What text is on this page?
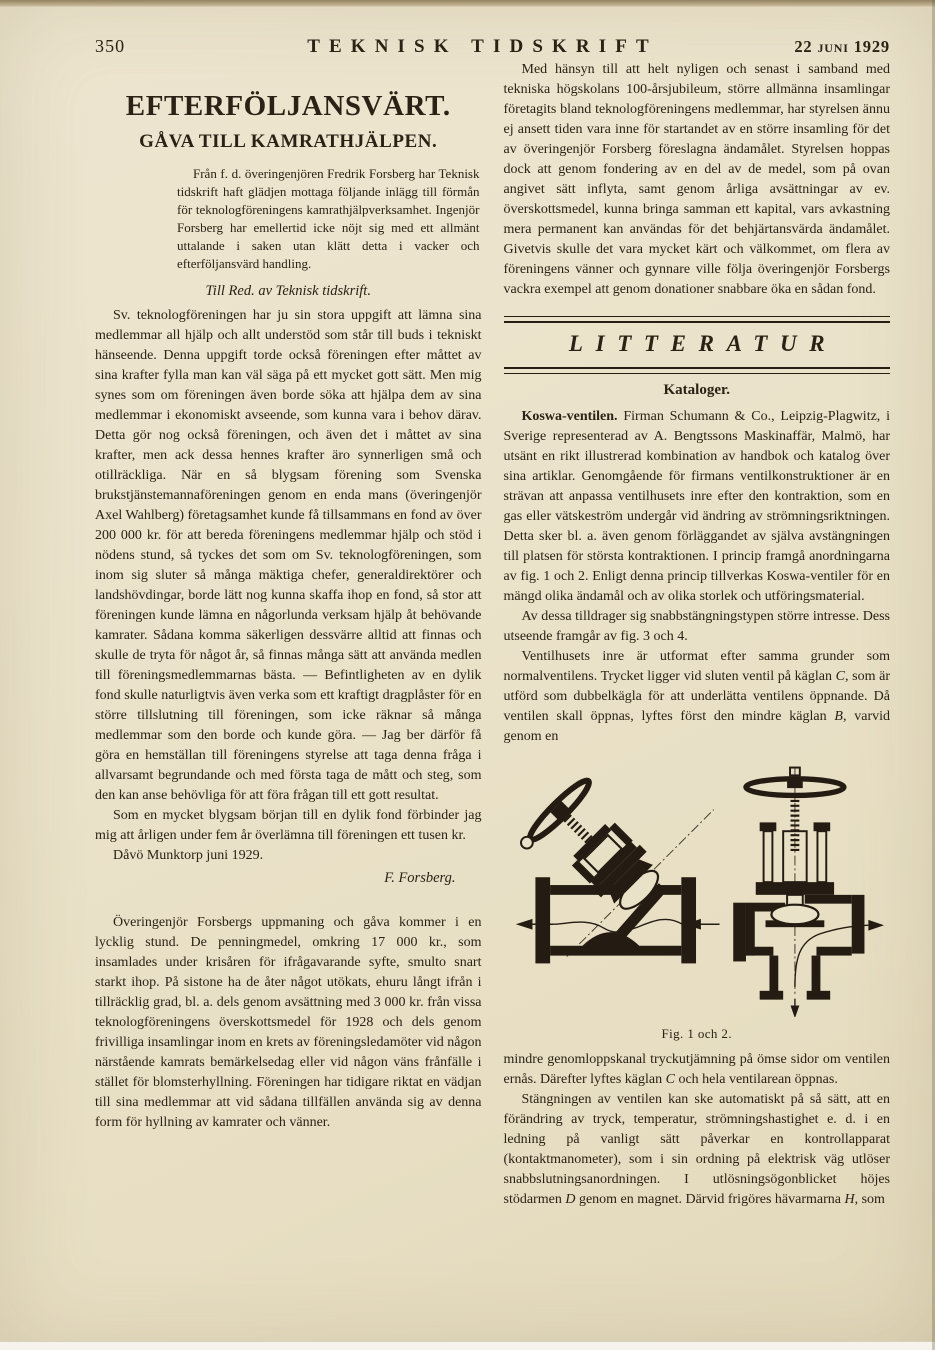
350	TEKNISK TIDSKRIFT	22 juni 1929
EFTERFÖLJANSVÄRT.
GÅVA TILL KAMRATHJÄLPEN.

Från f. d. överingenjören Fredrik Forsberg har Teknisk tidskrift haft glädjen mottaga följande inlägg till förmån för teknologföreningens kamrathjälpverksamhet. Ingenjör Forsberg har emellertid icke nöjt sig med ett allmänt uttalande i saken utan klätt detta i vacker och efterföljansvärd handling.

Till Red. av Teknisk tidskrift.

Sv. teknologföreningen har ju sin stora uppgift att lämna sina medlemmar all hjälp och allt understöd som står till buds i tekniskt hänseende. Denna uppgift torde också föreningen efter måttet av sina krafter fylla man kan väl säga på ett mycket gott sätt. Men mig synes som om föreningen även borde söka att hjälpa dem av sina medlemmar i ekonomiskt avseende, som kunna vara i behov därav. Detta gör nog också föreningen, och även det i måttet av sina krafter, men ack dessa hennes krafter äro synnerligen små och otillräckliga. När en så blygsam förening som Svenska brukstjänstemannaföreningen genom en enda mans (överingenjör Axel Wahlberg) företagsamhet kunde få tillsammans en fond av över 200 000 kr. för att bereda föreningens medlemmar hjälp och stöd i nödens stund, så tyckes det som om Sv. teknologföreningen, som inom sig sluter så många mäktiga chefer, generaldirektörer och landshövdingar, borde lätt nog kunna skaffa ihop en fond, så stor att föreningen kunde lämna en någorlunda verksam hjälp åt behövande kamrater. Sådana komma säkerligen dessvärre alltid att finnas och skulle de tryta för något år, så finnas många sätt att använda medlen till föreningsmedlemmarnas bästa. — Befintligheten av en dylik fond skulle naturligtvis även verka som ett kraftigt dragplåster för en större tillslutning till föreningen, som icke räknar så många medlemmar som den borde och kunde göra. — Jag ber därför få göra en hemställan till föreningens styrelse att taga denna fråga i allvarsamt begrundande och med första taga de mått och steg, som den kan anse behövliga för att föra frågan till ett gott resultat.

Som en mycket blygsam början till en dylik fond förbinder jag mig att årligen under fem år överlämna till föreningen ett tusen kr.

Dåvö Munktorp juni 1929.

F. Forsberg.

Överingenjör Forsbergs uppmaning och gåva kommer i en lycklig stund. De penningmedel, omkring 17 000 kr., som insamlades under krisåren för ifrågavarande syfte, smulto snart starkt ihop. På sistone ha de åter något utökats, ehuru långt ifrån i tillräcklig grad, bl. a. dels genom avsättning med 3 000 kr. från vissa teknologföreningens överskottsmedel för 1928 och dels genom frivilliga insamlingar inom en krets av föreningsledamöter vid någon närstående kamrats bemärkelsedag eller vid någon väns frånfälle i stället för blomsterhyllning. Föreningen har tidigare riktat en vädjan till sina medlemmar att vid sådana tillfällen använda sig av denna form för hyllning av kamrater och vänner.

Med hänsyn till att helt nyligen och senast i samband med tekniska högskolans 100-årsjubileum, större allmänna insamlingar företagits bland teknologföreningens medlemmar, har styrelsen ännu ej ansett tiden vara inne för startandet av en större insamling för det av överingenjör Forsberg föreslagna ändamålet. Styrelsen hoppas dock att genom fondering av en del av de medel, som på ovan angivet sätt inflyta, samt genom årliga avsättningar av ev. överskottsmedel, kunna bringa samman ett kapital, vars avkastning mera permanent kan användas för det behjärtansvärda ändamålet. Givetvis skulle det vara mycket kärt och välkommet, om flera av föreningens vänner och gynnare ville följa överingenjör Forsbergs vackra exempel att genom donationer snabbare öka en sådan fond.

LITTERATUR
Kataloger.

Koswa-ventilen. Firman Schumann & Co., Leipzig-Plagwitz, i Sverige representerad av A. Bengtssons Maskinaffär, Malmö, har utsänt en rikt illustrerad kombination av handbok och katalog över sina artiklar. Genomgående för firmans ventilkonstruktioner är en strävan att anpassa ventilhusets inre efter den kontraktion, som en gas eller vätskeström undergår vid ändring av strömningsriktningen. Detta sker bl. a. även genom förläggandet av själva avstängningen till platsen för största kontraktionen. I princip framgå anordningarna av fig. 1 och 2. Enligt denna princip tillverkas Koswa-ventiler för en mängd olika ändamål och av olika storlek och utföringsmaterial.

Av dessa tilldrager sig snabbstängningstypen större intresse. Dess utseende framgår av fig. 3 och 4.

Ventilhusets inre är utformat efter samma grunder som normalventilens. Trycket ligger vid sluten ventil på käglan C, som är utförd som dubbelkägla för att underlätta ventilens öppnande. Då ventilen skall öppnas, lyftes först den mindre käglan B, varvid genom en

Fig. 1 och 2.

mindre genomloppskanal tryckutjämning på ömse sidor om ventilen ernås. Därefter lyftes käglan C och hela ventilarean öppnas.

Stängningen av ventilen kan ske automatiskt på så sätt, att en förändring av tryck, temperatur, strömningshastighet e. d. i en ledning på vanligt sätt påverkar en kontrollapparat (kontaktmanometer), som i sin ordning på elektrisk väg utlöser snabbslutningsanordningen. I utlösningsögonblicket höjes stödarmen D genom en magnet. Därvid frigöres hävarmarna H, som
